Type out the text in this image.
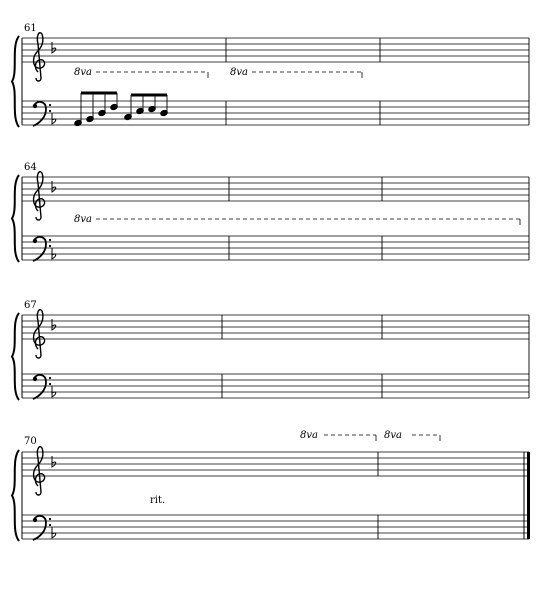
61
64
67
70
8va	8va
8va
8va	8va
rit.
